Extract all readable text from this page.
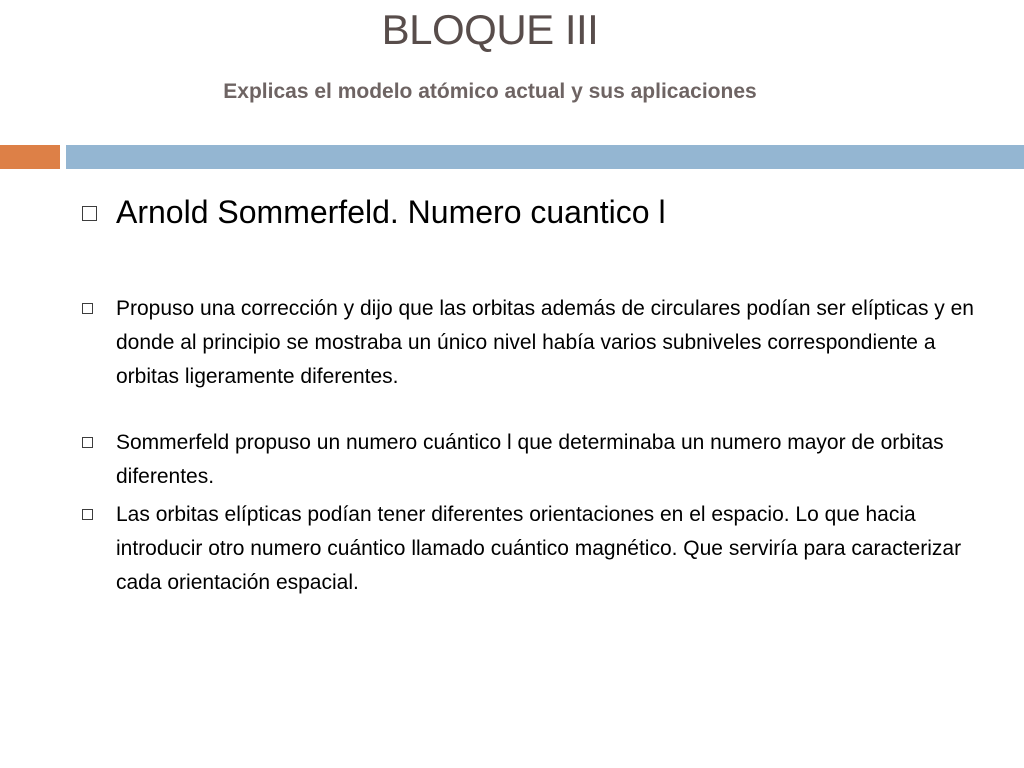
BLOQUE III
Explicas el modelo atómico actual y sus aplicaciones
Arnold Sommerfeld. Numero cuantico l
Propuso una corrección y dijo que las orbitas además de circulares podían ser elípticas y en donde al principio se mostraba un único nivel había varios subniveles correspondiente a orbitas ligeramente diferentes.
Sommerfeld propuso un numero cuántico l que determinaba un numero mayor de orbitas diferentes.
Las orbitas elípticas podían tener diferentes orientaciones en el espacio. Lo que hacia introducir otro numero cuántico llamado cuántico magnético. Que serviría para caracterizar cada orientación espacial.
